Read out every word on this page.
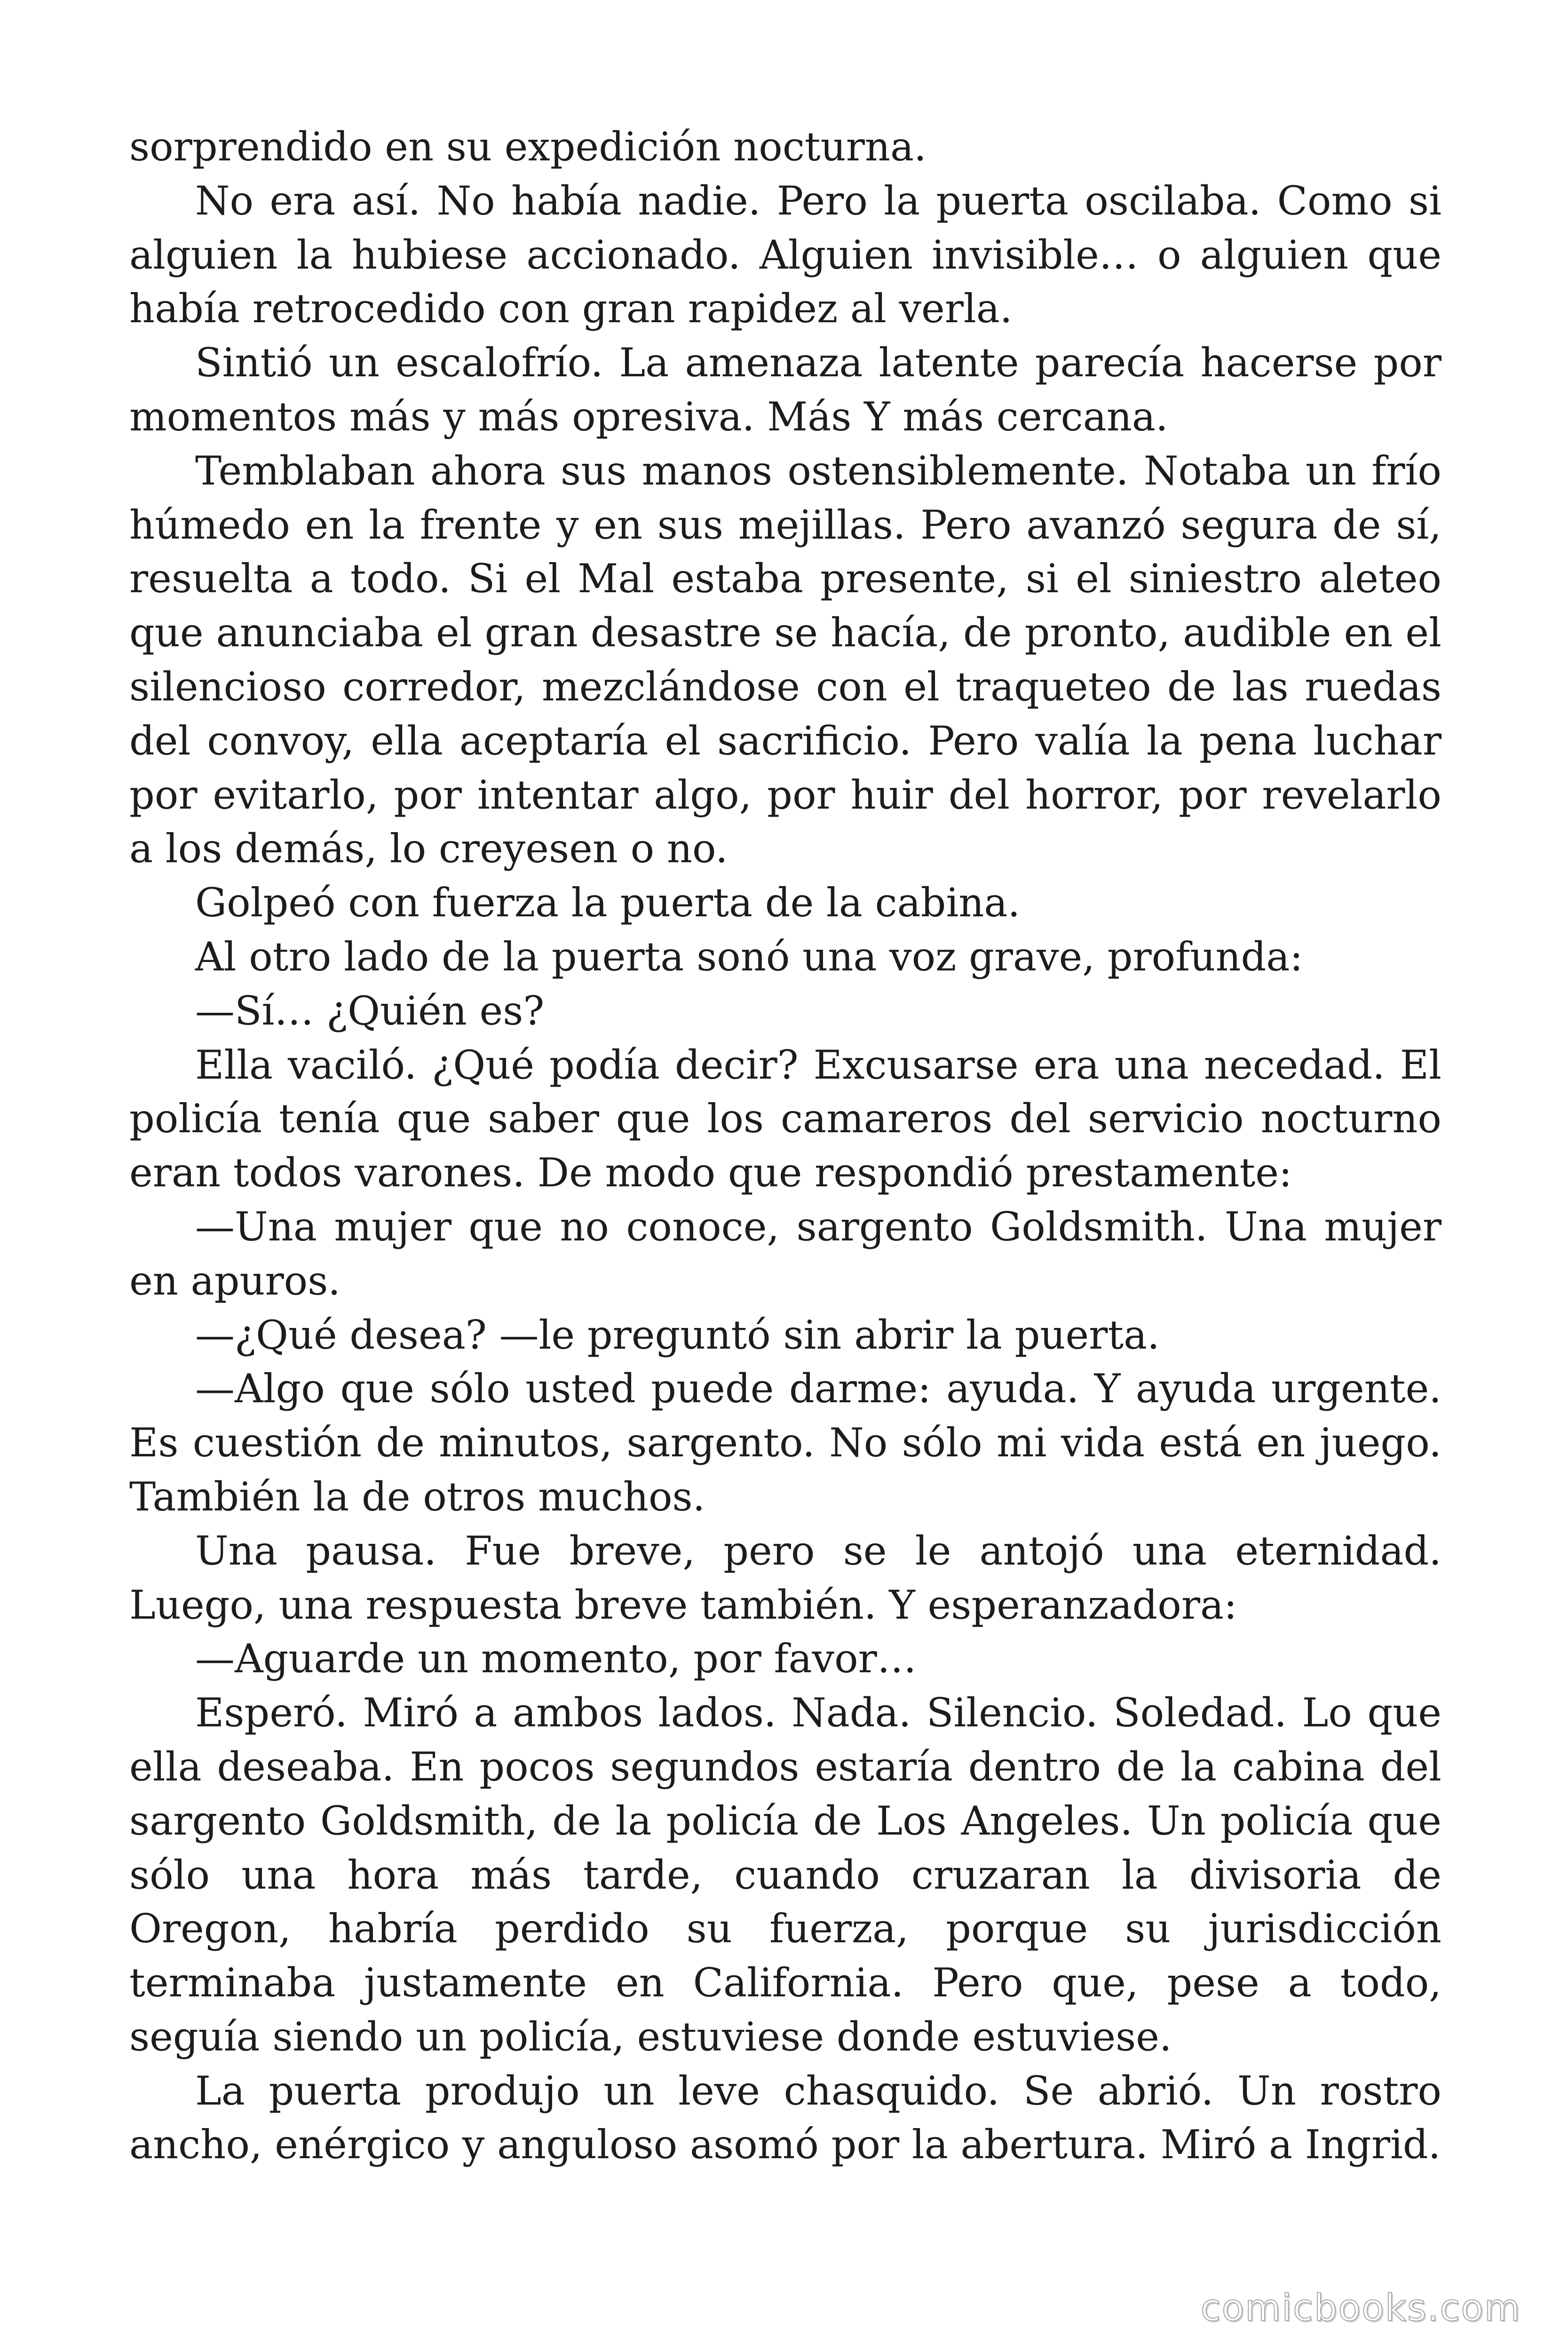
sorprendido en su expedición nocturna.

No era así. No había nadie. Pero la puerta oscilaba. Como si alguien la hubiese accionado. Alguien invisible… o alguien que había retrocedido con gran rapidez al verla.

Sintió un escalofrío. La amenaza latente parecía hacerse por momentos más y más opresiva. Más Y más cercana.

Temblaban ahora sus manos ostensiblemente. Notaba un frío húmedo en la frente y en sus mejillas. Pero avanzó segura de sí, resuelta a todo. Si el Mal estaba presente, si el siniestro aleteo que anunciaba el gran desastre se hacía, de pronto, audible en el silencioso corredor, mezclándose con el traqueteo de las ruedas del convoy, ella aceptaría el sacrificio. Pero valía la pena luchar por evitarlo, por intentar algo, por huir del horror, por revelarlo a los demás, lo creyesen o no.

Golpeó con fuerza la puerta de la cabina.

Al otro lado de la puerta sonó una voz grave, profunda:

—Sí… ¿Quién es?

Ella vaciló. ¿Qué podía decir? Excusarse era una necedad. El policía tenía que saber que los camareros del servicio nocturno eran todos varones. De modo que respondió prestamente:

—Una mujer que no conoce, sargento Goldsmith. Una mujer en apuros.

—¿Qué desea? —le preguntó sin abrir la puerta.

—Algo que sólo usted puede darme: ayuda. Y ayuda urgente. Es cuestión de minutos, sargento. No sólo mi vida está en juego. También la de otros muchos.

Una pausa. Fue breve, pero se le antojó una eternidad. Luego, una respuesta breve también. Y esperanzadora:

—Aguarde un momento, por favor…

Esperó. Miró a ambos lados. Nada. Silencio. Soledad. Lo que ella deseaba. En pocos segundos estaría dentro de la cabina del sargento Goldsmith, de la policía de Los Angeles. Un policía que sólo una hora más tarde, cuando cruzaran la divisoria de Oregon, habría perdido su fuerza, porque su jurisdicción terminaba justamente en California. Pero que, pese a todo, seguía siendo un policía, estuviese donde estuviese.

La puerta produjo un leve chasquido. Se abrió. Un rostro ancho, enérgico y anguloso asomó por la abertura. Miró a Ingrid.

comicbooks.com
